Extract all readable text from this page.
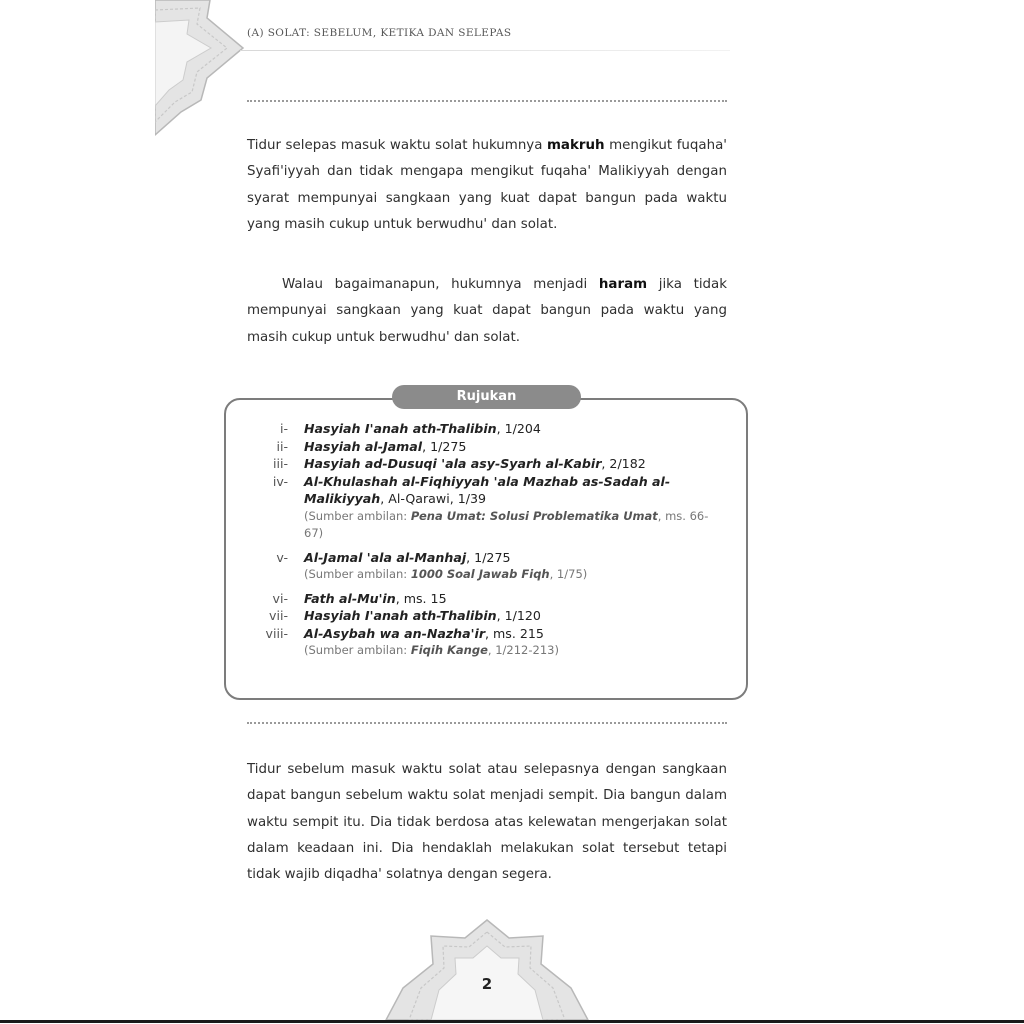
(A) SOLAT: SEBELUM, KETIKA DAN SELEPAS

Tidur selepas masuk waktu solat hukumnya makruh mengikut fuqaha' Syafi'iyyah dan tidak mengapa mengikut fuqaha' Malikiyyah dengan syarat mempunyai sangkaan yang kuat dapat bangun pada waktu yang masih cukup untuk berwudhu' dan solat.

Walau bagaimanapun, hukumnya menjadi haram jika tidak mempunyai sangkaan yang kuat dapat bangun pada waktu yang masih cukup untuk berwudhu' dan solat.

Rujukan
i-	Hasyiah I'anah ath-Thalibin, 1/204
ii-	Hasyiah al-Jamal, 1/275
iii-	Hasyiah ad-Dusuqi 'ala asy-Syarh al-Kabir, 2/182
iv-	Al-Khulashah al-Fiqhiyyah 'ala Mazhab as-Sadah al-Malikiyyah, Al-Qarawi, 1/39
(Sumber ambilan: Pena Umat: Solusi Problematika Umat, ms. 66-67)
v-	Al-Jamal 'ala al-Manhaj, 1/275
(Sumber ambilan: 1000 Soal Jawab Fiqh, 1/75)
vi-	Fath al-Mu'in, ms. 15
vii-	Hasyiah I'anah ath-Thalibin, 1/120
viii-	Al-Asybah wa an-Nazha'ir, ms. 215
(Sumber ambilan: Fiqih Kange, 1/212-213)

Tidur sebelum masuk waktu solat atau selepasnya dengan sangkaan dapat bangun sebelum waktu solat menjadi sempit. Dia bangun dalam waktu sempit itu. Dia tidak berdosa atas kelewatan mengerjakan solat dalam keadaan ini. Dia hendaklah melakukan solat tersebut tetapi tidak wajib diqadha' solatnya dengan segera.

2
